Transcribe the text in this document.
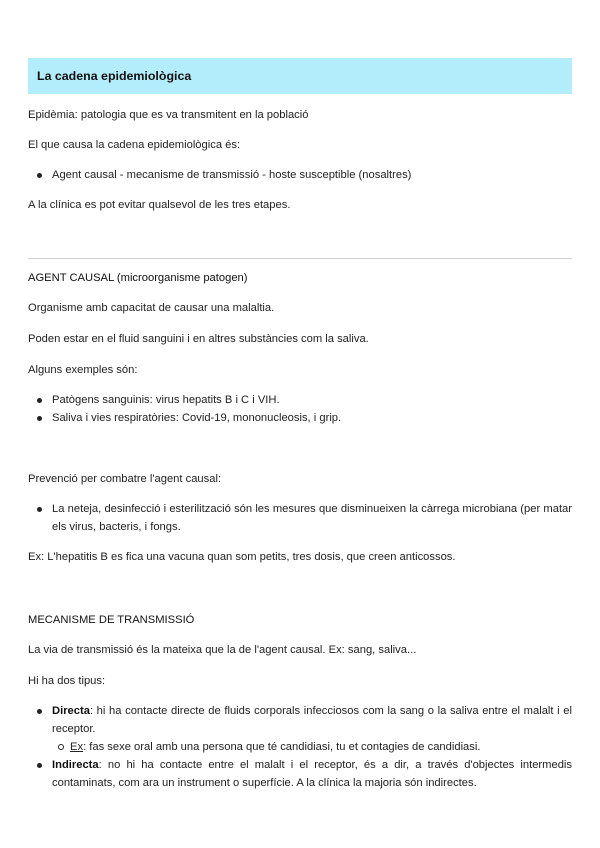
La cadena epidemiològica
Epidèmia: patologia que es va transmitent en la població
El que causa la cadena epidemiològica és:
Agent causal - mecanisme de transmissió - hoste susceptible (nosaltres)
A la clínica es pot evitar qualsevol de les tres etapes.
AGENT CAUSAL (microorganisme patogen)
Organisme amb capacitat de causar una malaltia.
Poden estar en el fluid sanguini i en altres substàncies com la saliva.
Alguns exemples són:
Patògens sanguinis: virus hepatits B i C i VIH.
Saliva i vies respiratòries: Covid-19, mononucleosis, i grip.
Prevenció per combatre l'agent causal:
La neteja, desinfecció i esterilització són les mesures que disminueixen la càrrega microbiana (per matar els virus, bacteris, i fongs.
Ex: L'hepatitis B es fica una vacuna quan som petits, tres dosis, que creen anticossos.
MECANISME DE TRANSMISSIÓ
La via de transmissió és la mateixa que la de l'agent causal. Ex: sang, saliva...
Hi ha dos tipus:
Directa: hi ha contacte directe de fluids corporals infecciosos com la sang o la saliva entre el malalt i el receptor.
Ex: fas sexe oral amb una persona que té candidiasi, tu et contagies de candidiasi.
Indirecta: no hi ha contacte entre el malalt i el receptor, és a dir, a través d'objectes intermedis contaminats, com ara un instrument o superfície. A la clínica la majoria són indirectes.
